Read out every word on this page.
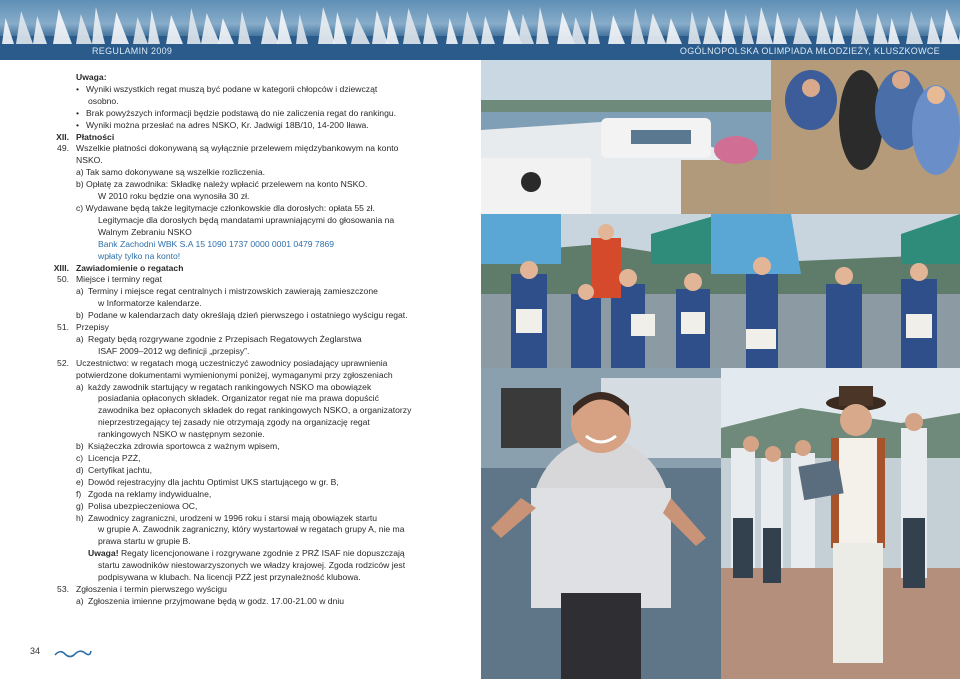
REGULAMIN 2009	OGÓLNOPOLSKA OLIMPIADA MŁODZIEŻY, KLUSZKOWCE

Uwaga:

• Wyniki wszystkich regat muszą być podane w kategorii chłopców i dziewcząt

osobno.

• Brak powyższych informacji będzie podstawą do nie zaliczenia regat do rankingu.

• Wyniki można przesłać na adres NSKO, Kr. Jadwigi 18B/10, 14-200 Iława.

XII. Płatności

49. Wszelkie płatności dokonywaną są wyłącznie przelewem międzybankowym na konto

NSKO.

a) Tak samo dokonywane są wszelkie rozliczenia.

b) Opłatę za zawodnika: Składkę należy wpłacić przelewem na konto NSKO.

W 2010 roku będzie ona wynosiła 30 zł.

c) Wydawane będą także legitymacje członkowskie dla dorosłych: opłata 55 zł.

Legitymacje dla dorosłych będą mandatami uprawniającymi do głosowania na

Walnym Zebraniu NSKO

Bank Zachodni WBK S.A 15 1090 1737 0000 0001 0479 7869

wpłaty tylko na konto!

XIII. Zawiadomienie o regatach

50. Miejsce i terminy regat

a) Terminy i miejsce regat centralnych i mistrzowskich zawierają zamieszczone

w Informatorze kalendarze.

b) Podane w kalendarzach daty określają dzień pierwszego i ostatniego wyścigu regat.

51. Przepisy

a) Regaty będą rozgrywane zgodnie z Przepisach Regatowych Żeglarstwa

ISAF 2009–2012 wg definicji „przepisy”.

52. Uczestnictwo: w regatach mogą uczestniczyć zawodnicy posiadający uprawnienia

potwierdzone dokumentami wymienionymi poniżej, wymaganymi przy zgłoszeniach

a) każdy zawodnik startujący w regatach rankingowych NSKO ma obowiązek

posiadania opłaconych składek. Organizator regat nie ma prawa dopuścić

zawodnika bez opłaconych składek do regat rankingowych NSKO, a organizatorzy

nieprzestrzegający tej zasady nie otrzymają zgody na organizację regat

rankingowych NSKO w następnym sezonie.

b) Książeczka zdrowia sportowca z ważnym wpisem,

c) Licencja PZŻ,

d) Certyfikat jachtu,

e) Dowód rejestracyjny dla jachtu Optimist UKS startującego w gr. B,

f) Zgoda na reklamy indywidualne,

g) Polisa ubezpieczeniowa OC,

h) Zawodnicy zagraniczni, urodzeni w 1996 roku i starsi mają obowiązek startu

w grupie A. Zawodnik zagraniczny, który wystartował w regatach grupy A, nie ma

prawa startu w grupie B.

Uwaga! Regaty licencjonowane i rozgrywane zgodnie z PRŻ ISAF nie dopuszczają

startu zawodników niestowarzyszonych we władzy krajowej. Zgoda rodziców jest

podpisywana w klubach. Na licencji PZŻ jest przynależność klubowa.

53. Zgłoszenia i termin pierwszego wyścigu

a) Zgłoszenia imienne przyjmowane będą w godz. 17.00-21.00 w dniu

34
